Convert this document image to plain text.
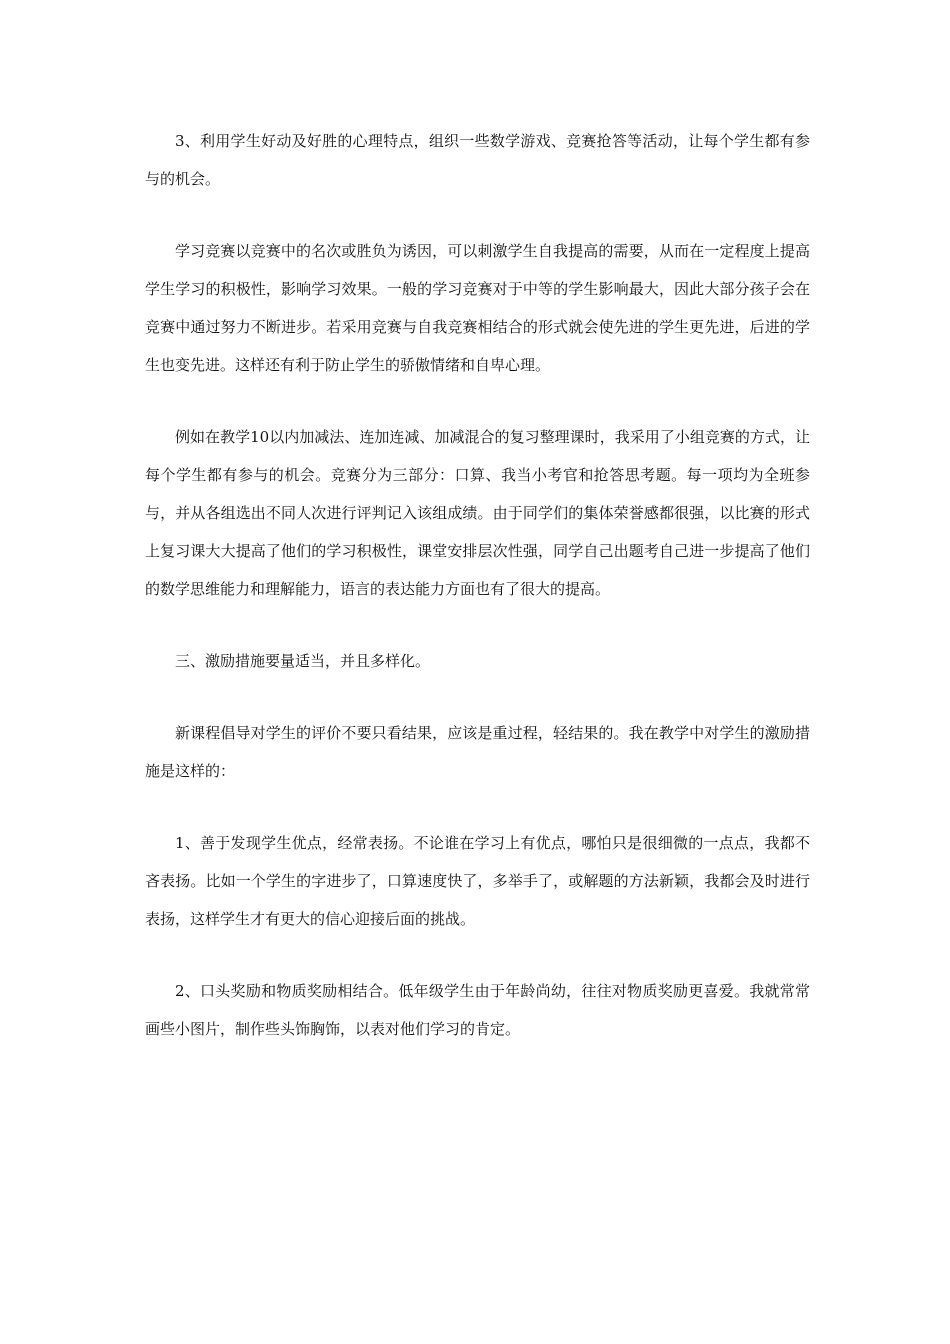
3、利用学生好动及好胜的心理特点，组织一些数学游戏、竞赛抢答等活动，让每个学生都有参与的机会。

学习竞赛以竞赛中的名次或胜负为诱因，可以刺激学生自我提高的需要，从而在一定程度上提高学生学习的积极性，影响学习效果。一般的学习竞赛对于中等的学生影响最大，因此大部分孩子会在竞赛中通过努力不断进步。若采用竞赛与自我竞赛相结合的形式就会使先进的学生更先进，后进的学生也变先进。这样还有利于防止学生的骄傲情绪和自卑心理。

例如在教学10以内加减法、连加连减、加减混合的复习整理课时，我采用了小组竞赛的方式，让每个学生都有参与的机会。竞赛分为三部分：口算、我当小考官和抢答思考题。每一项均为全班参与，并从各组选出不同人次进行评判记入该组成绩。由于同学们的集体荣誉感都很强，以比赛的形式上复习课大大提高了他们的学习积极性，课堂安排层次性强，同学自己出题考自己进一步提高了他们的数学思维能力和理解能力，语言的表达能力方面也有了很大的提高。

三、激励措施要量适当，并且多样化。

新课程倡导对学生的评价不要只看结果，应该是重过程，轻结果的。我在教学中对学生的激励措施是这样的：

1、善于发现学生优点，经常表扬。不论谁在学习上有优点，哪怕只是很细微的一点点，我都不吝表扬。比如一个学生的字进步了，口算速度快了，多举手了，或解题的方法新颖，我都会及时进行表扬，这样学生才有更大的信心迎接后面的挑战。

2、口头奖励和物质奖励相结合。低年级学生由于年龄尚幼，往往对物质奖励更喜爱。我就常常画些小图片，制作些头饰胸饰，以表对他们学习的肯定。
